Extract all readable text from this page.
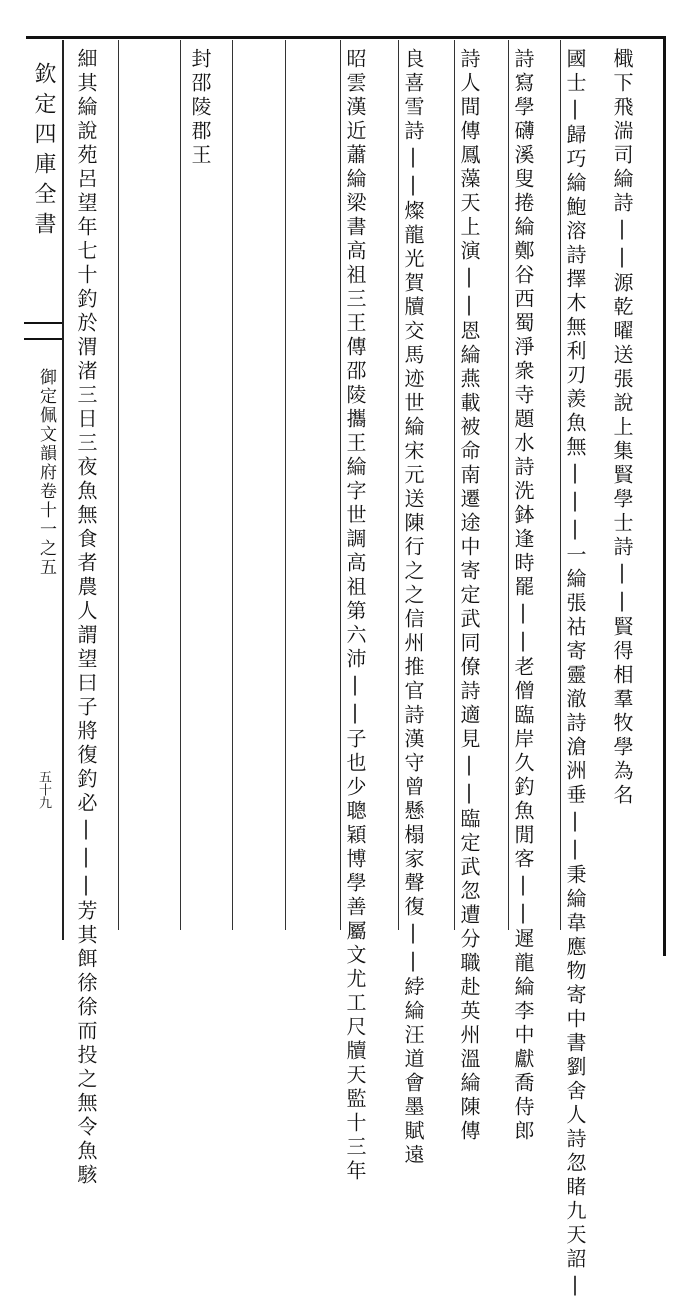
欽定四庫全書
御定佩文韻府卷十一之五
五十九	檝下飛湍司綸詩||源乾曜送張說上集賢學士詩||賢得相羣牧學為名
國士|歸巧綸鮑溶詩擇木無利刃羨魚無|||一綸張祜寄靈澈詩滄洲垂||秉綸韋應物寄中書劉舍人詩忽睹九天詔|
詩寫學礴溪叟捲綸鄭谷西蜀淨衆寺題水詩洗鉢逢時罷||老僧臨岸久釣魚閒客||遲龍綸李中獻喬侍郎
詩人間傳鳳藻天上演||恩綸燕載被命南遷途中寄定武同僚詩適見||臨定武忽遭分職赴英州溫綸陳傳
良喜雪詩||燦龍光賀牘交馬迹世綸宋元送陳行之之信州推官詩漢守曾懸榻家聲復||綍綸汪道會墨賦遠
昭雲漢近蕭綸梁書高祖三王傳邵陵攜王綸字世調高祖第六沛||子也少聰穎博學善屬文尤工尺牘天監十三年
封邵陵郡王
細其綸說苑呂望年七十釣於渭渚三日三夜魚無食者農人謂望曰子將復釣必|||芳其餌徐徐而投之無令魚駭
